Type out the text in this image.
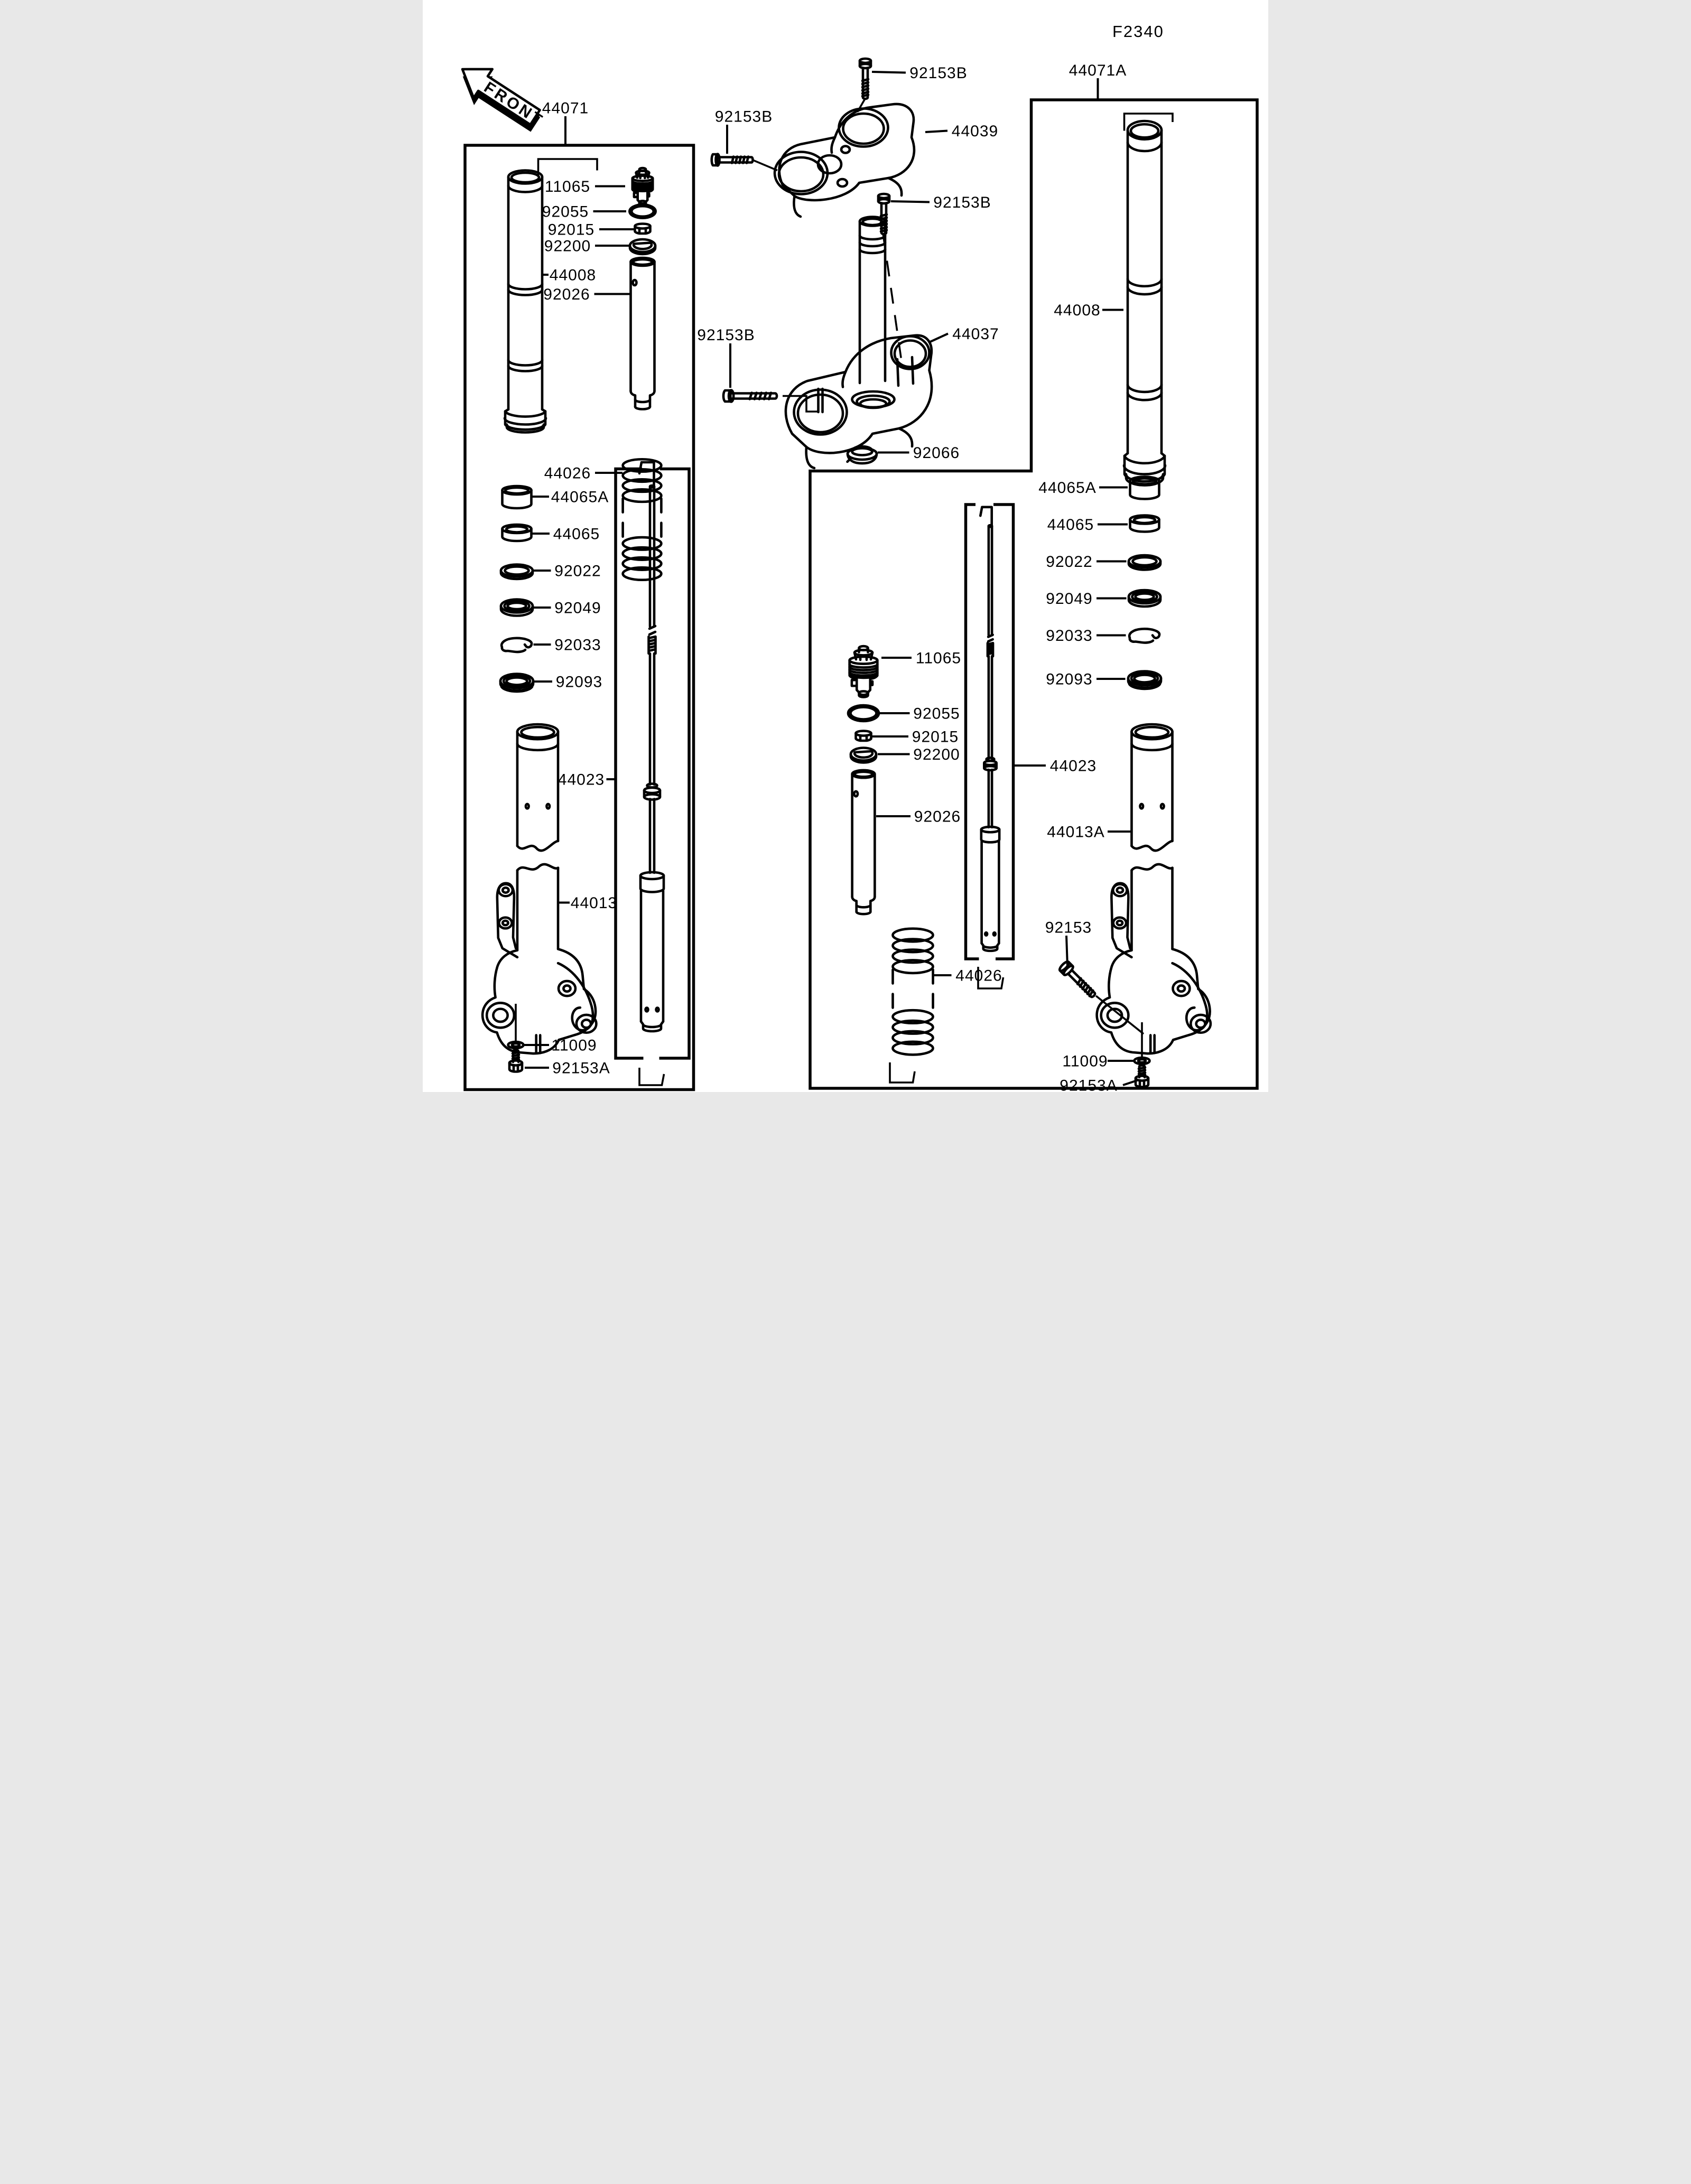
FRONT
F2340
44071
11065
92055
92015
92200
44008
92026
44026
44065A
44065
92022
92049
92033
92093
44023
44013
11009
92153A
92153B
92153B
44039
92153B
44037
92153B
92066
44071A
44008
44065A
44065
92022
92049
92033
92093
11065
92055
92015
92200
92026
44026
44023
44013A
92153
11009
92153A
